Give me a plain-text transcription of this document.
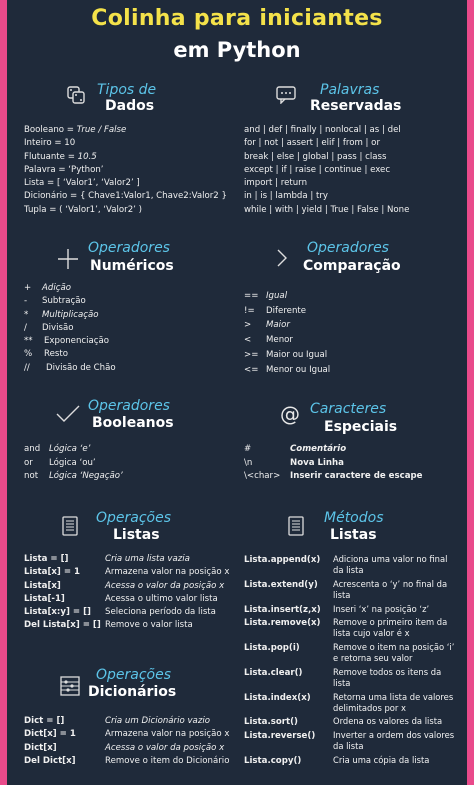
Colinha para iniciantes
em Python
Tipos de
Dados
Booleano = True / False
Inteiro = 10
Flutuante = 10.5
Palavra = ‘Python’
Lista = [ ‘Valor1’, ‘Valor2’ ]
Dicionário = { Chave1:Valor1, Chave2:Valor2 }
Tupla = ( ‘Valor1’, ‘Valor2’ )
Palavras
Reservadas
and | def | finally | nonlocal | as | del
for | not | assert | elif | from | or
break | else | global | pass | class
except | if | raise | continue | exec
import | return
in | is | lambda | try
while | with | yield | True | False | None
Operadores
Numéricos
+ Adição
- Subtração
* Multiplicação
/ Divisão
** Exponenciação
% Resto
// Divisão de Chão
Operadores
Comparação
== Igual
!= Diferente
> Maior
< Menor
>= Maior ou Igual
<= Menor ou Igual
Operadores
Booleanos
and Lógica ‘e’
or Lógica ‘ou’
not Lógica ‘Negação’
@ Caracteres
Especiais
#	Comentário
\n	Nova Linha
\<char> Inserir caractere de escape
Operações
Listas
Lista = []	Cria uma lista vazia
Lista[x] = 1	Armazena valor na posição x
Lista[x]	Acessa o valor da posição x
Lista[-1]	Acessa o ultimo valor lista
Lista[x:y] = [] Seleciona período da lista
Del Lista[x] = [] Remove o valor lista
Operações
Dicionários
Dict = []	Cria um Dicionário vazio
Dict[x] = 1	Armazena valor na posição x
Dict[x]	Acessa o valor da posição x
Del Dict[x]	Remove o item do Dicionário
Métodos
Listas
Lista.append(x) Adiciona uma valor no final da lista
Lista.extend(y) Acrescenta o ‘y’ no final da lista
Lista.insert(z,x) Inseri ‘x’ na posição ‘z’
Lista.remove(x) Remove o primeiro item da lista cujo valor é x
Lista.pop(i)	Remove o item na posição ‘i’ e retorna seu valor
Lista.clear()	Remove todos os itens da lista
Lista.index(x)	Retorna uma lista de valores delimitados por x
Lista.sort()	Ordena os valores da lista
Lista.reverse() Inverter a ordem dos valores da lista
Lista.copy()	Cria uma cópia da lista
